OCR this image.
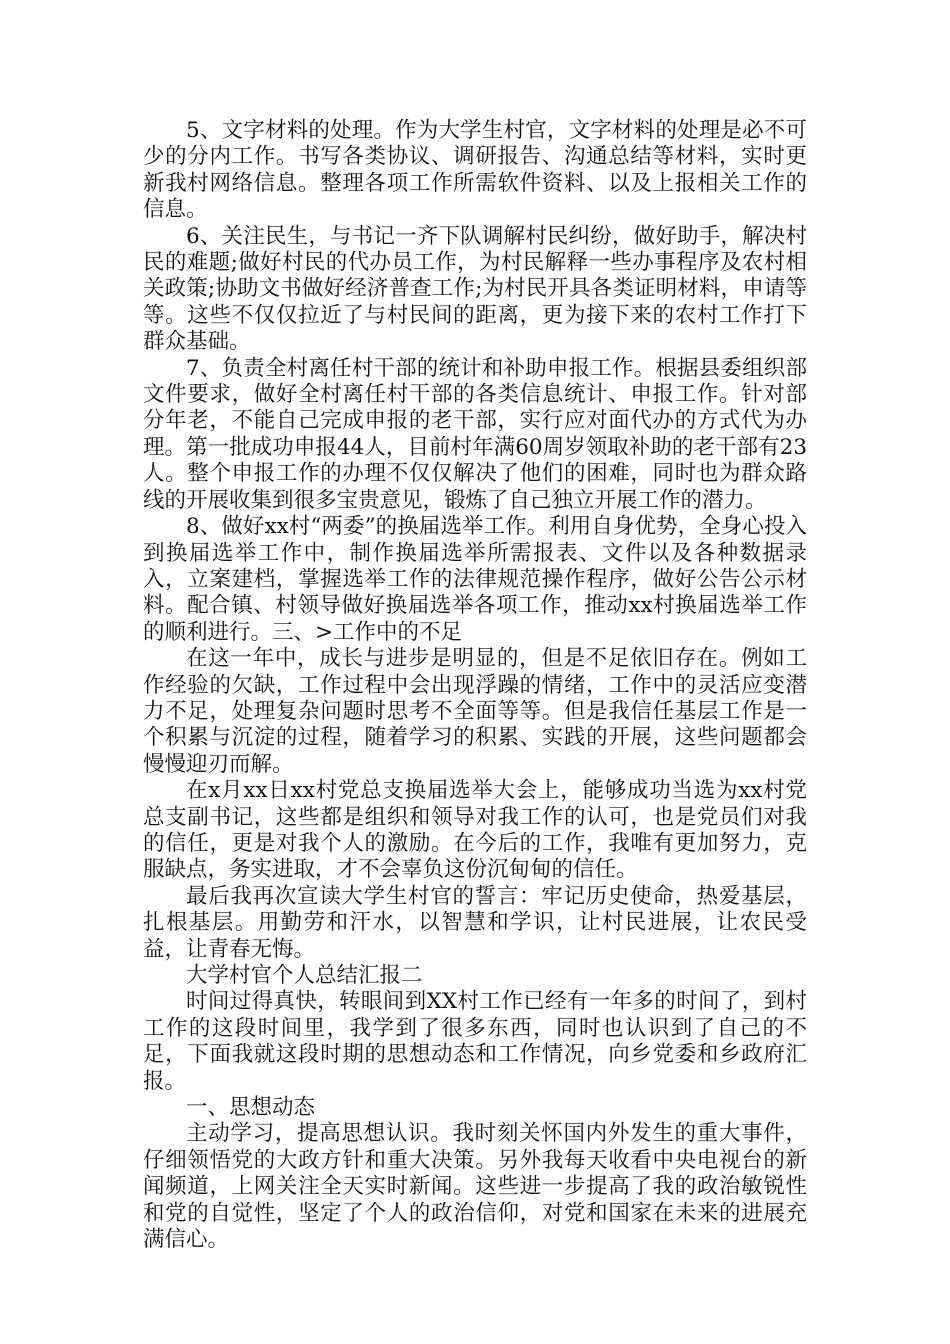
5、文字材料的处理。作为大学生村官，文字材料的处理是必不可少的分内工作。书写各类协议、调研报告、沟通总结等材料，实时更新我村网络信息。整理各项工作所需软件资料、以及上报相关工作的信息。

6、关注民生，与书记一齐下队调解村民纠纷，做好助手，解决村民的难题;做好村民的代办员工作，为村民解释一些办事程序及农村相关政策;协助文书做好经济普查工作;为村民开具各类证明材料，申请等等。这些不仅仅拉近了与村民间的距离，更为接下来的农村工作打下群众基础。

7、负责全村离任村干部的统计和补助申报工作。根据县委组织部文件要求，做好全村离任村干部的各类信息统计、申报工作。针对部分年老，不能自己完成申报的老干部，实行应对面代办的方式代为办理。第一批成功申报44人，目前村年满60周岁领取补助的老干部有23人。整个申报工作的办理不仅仅解决了他们的困难，同时也为群众路线的开展收集到很多宝贵意见，锻炼了自己独立开展工作的潜力。

8、做好xx村“两委”的换届选举工作。利用自身优势，全身心投入到换届选举工作中，制作换届选举所需报表、文件以及各种数据录入，立案建档，掌握选举工作的法律规范操作程序，做好公告公示材料。配合镇、村领导做好换届选举各项工作，推动xx村换届选举工作的顺利进行。三、>工作中的不足

在这一年中，成长与进步是明显的，但是不足依旧存在。例如工作经验的欠缺，工作过程中会出现浮躁的情绪，工作中的灵活应变潜力不足，处理复杂问题时思考不全面等等。但是我信任基层工作是一个积累与沉淀的过程，随着学习的积累、实践的开展，这些问题都会慢慢迎刃而解。

在x月xx日xx村党总支换届选举大会上，能够成功当选为xx村党总支副书记，这些都是组织和领导对我工作的认可，也是党员们对我的信任，更是对我个人的激励。在今后的工作，我唯有更加努力，克服缺点，务实进取，才不会辜负这份沉甸甸的信任。

最后我再次宣读大学生村官的誓言：牢记历史使命，热爱基层，扎根基层。用勤劳和汗水，以智慧和学识，让村民进展，让农民受益，让青春无悔。

大学村官个人总结汇报二

时间过得真快，转眼间到XX村工作已经有一年多的时间了，到村工作的这段时间里，我学到了很多东西，同时也认识到了自己的不足，下面我就这段时期的思想动态和工作情况，向乡党委和乡政府汇报。

一、思想动态

主动学习，提高思想认识。我时刻关怀国内外发生的重大事件，仔细领悟党的大政方针和重大决策。另外我每天收看中央电视台的新闻频道，上网关注全天实时新闻。这些进一步提高了我的政治敏锐性和党的自觉性，坚定了个人的政治信仰，对党和国家在未来的进展充满信心。
